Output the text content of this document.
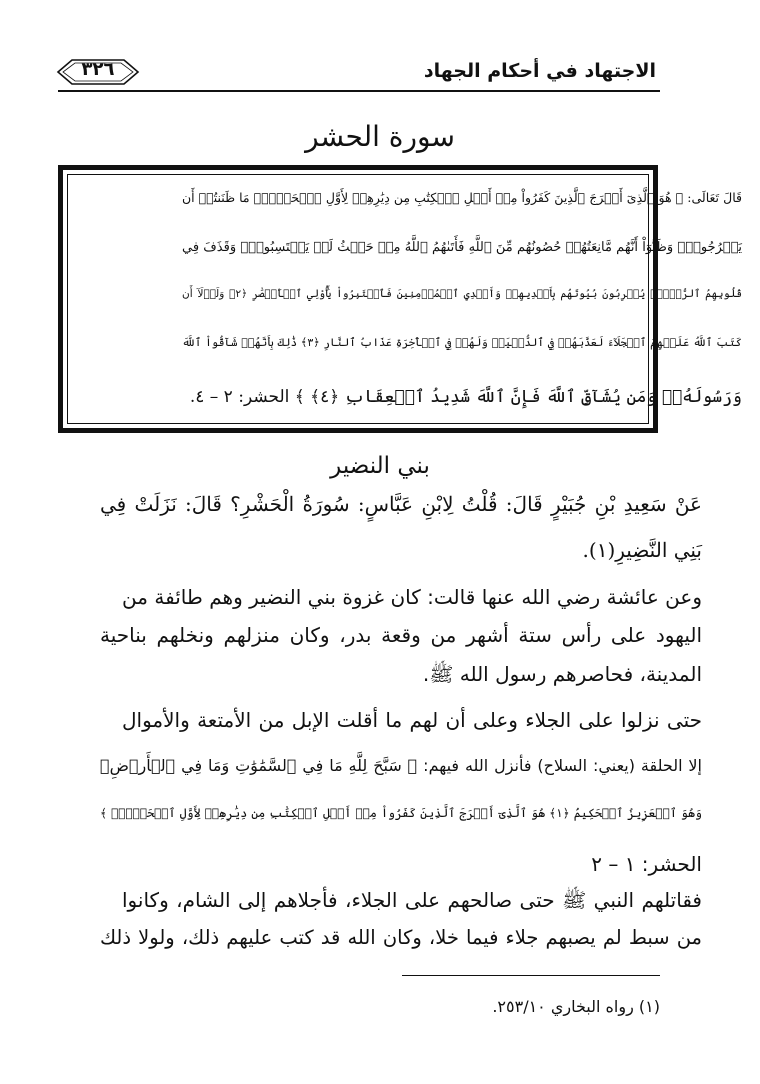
الاجتهاد في أحكام الجهاد
٣٢٦
سورة الحشر
قَالَ تَعَالَى: ﴿ هُوَ ٱلَّذِىٓ أَخۡرَجَ ٱلَّذِينَ كَفَرُواْ مِنۡ أَهۡلِ ٱلۡكِتَٰبِ مِن دِيَٰرِهِمۡ لِأَوَّلِ ٱلۡحَشۡرِۚ مَا ظَنَنتُمۡ أَن
يَخۡرُجُواْۖ وَظَنُّوٓاْ أَنَّهُم مَّانِعَتُهُمۡ حُصُونُهُم مِّنَ ٱللَّهِ فَأَتَىٰهُمُ ٱللَّهُ مِنۡ حَيۡثُ لَمۡ يَحۡتَسِبُواْۖ وَقَذَفَ فِي
قُلُوبِهِمُ ٱلرُّعۡبَۚ يُخۡرِبُونَ بُيُوتَهُم بِأَيۡدِيهِمۡ وَأَيۡدِي ٱلۡمُؤۡمِنِينَ فَٱعۡتَبِرُواْ يَٰٓأُوْلِي ٱلۡأَبۡصَٰرِ ﴿٢﴾ وَلَوۡلَآ أَن
كَتَبَ ٱللَّهُ عَلَيۡهِمُ ٱلۡجَلَآءَ لَعَذَّبَهُمۡ فِي ٱلدُّنۡيَاۖ وَلَهُمۡ فِي ٱلۡأٓخِرَةِ عَذَابُ ٱلنَّارِ ﴿٣﴾ ذَٰلِكَ بِأَنَّهُمۡ شَآقُّواْ ٱللَّهَ
وَرَسُولَهُۥۖ وَمَن يُشَآقِّ ٱللَّهَ فَإِنَّ ٱللَّهَ شَدِيدُ ٱلۡعِقَابِ ﴿٤﴾ ﴾ الحشر: ٢ – ٤.
بني النضير
عَنْ سَعِيدِ بْنِ جُبَيْرٍ قَالَ: قُلْتُ لِابْنِ عَبَّاسٍ: سُورَةُ الْحَشْرِ؟ قَالَ: نَزَلَتْ فِي
بَنِي النَّضِيرِ(١).
وعن عائشة رضي الله عنها قالت: كان غزوة بني النضير وهم طائفة من
اليهود على رأس ستة أشهر من وقعة بدر، وكان منزلهم ونخلهم بناحية
المدينة، فحاصرهم رسول الله ﷺ.
حتى نزلوا على الجلاء وعلى أن لهم ما أقلت الإبل من الأمتعة والأموال
إلا الحلقة (يعني: السلاح) فأنزل الله فيهم: ﴿ سَبَّحَ لِلَّهِ مَا فِي ٱلسَّمَٰوَٰتِ وَمَا فِي ٱلۡأَرۡضِۖ
وَهُوَ ٱلۡعَزِيزُ ٱلۡحَكِيمُ ﴿١﴾ هُوَ ٱلَّذِىٓ أَخۡرَجَ ٱلَّذِينَ كَفَرُواْ مِنۡ أَهۡلِ ٱلۡكِتَٰبِ مِن دِيَٰرِهِمۡ لِأَوَّلِ ٱلۡحَشۡرِۚ ﴾
الحشر: ١ – ٢
فقاتلهم النبي ﷺ حتى صالحهم على الجلاء، فأجلاهم إلى الشام، وكانوا
من سبط لم يصبهم جلاء فيما خلا، وكان الله قد كتب عليهم ذلك، ولولا ذلك
(١) رواه البخاري ٢٥٣/١٠.
